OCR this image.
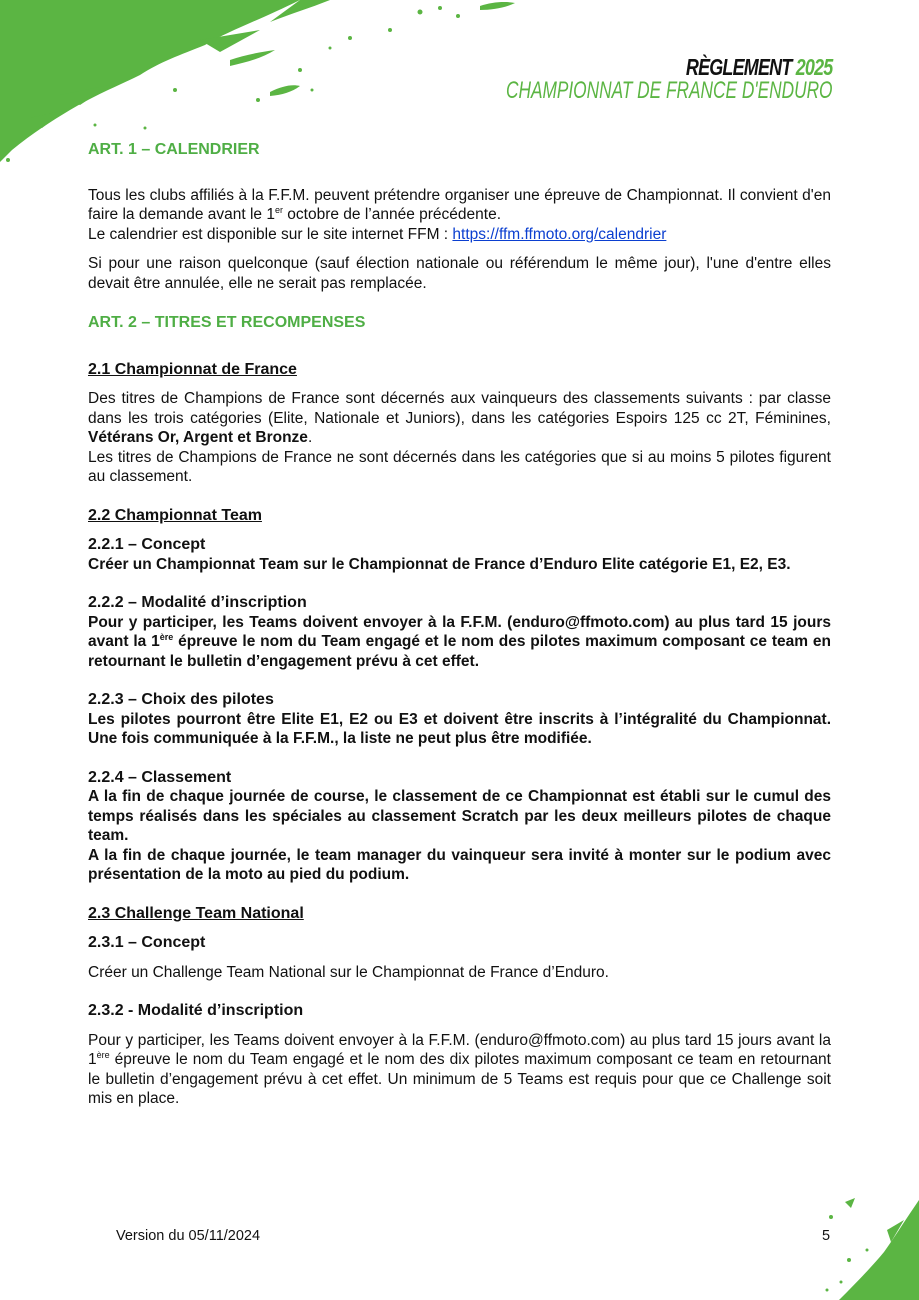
RÈGLEMENT 2025
CHAMPIONNAT DE FRANCE D'ENDURO

ART. 1 – CALENDRIER

Tous les clubs affiliés à la F.F.M. peuvent prétendre organiser une épreuve de Championnat. Il convient d'en faire la demande avant le 1er octobre de l’année précédente.

Le calendrier est disponible sur le site internet FFM : https://ffm.ffmoto.org/calendrier

Si pour une raison quelconque (sauf élection nationale ou référendum le même jour), l'une d'entre elles devait être annulée, elle ne serait pas remplacée.

ART. 2 – TITRES ET RECOMPENSES

2.1 Championnat de France

Des titres de Champions de France sont décernés aux vainqueurs des classements suivants : par classe dans les trois catégories (Elite, Nationale et Juniors), dans les catégories Espoirs 125 cc 2T, Féminines, Vétérans Or, Argent et Bronze.

Les titres de Champions de France ne sont décernés dans les catégories que si au moins 5 pilotes figurent au classement.

2.2 Championnat Team

2.2.1 – Concept

Créer un Championnat Team sur le Championnat de France d’Enduro Elite catégorie E1, E2, E3.

2.2.2 – Modalité d’inscription

Pour y participer, les Teams doivent envoyer à la F.F.M. (enduro@ffmoto.com) au plus tard 15 jours avant la 1ère épreuve le nom du Team engagé et le nom des pilotes maximum composant ce team en retournant le bulletin d’engagement prévu à cet effet.

2.2.3 – Choix des pilotes

Les pilotes pourront être Elite E1, E2 ou E3 et doivent être inscrits à l’intégralité du Championnat. Une fois communiquée à la F.F.M., la liste ne peut plus être modifiée.

2.2.4 – Classement

A la fin de chaque journée de course, le classement de ce Championnat est établi sur le cumul des temps réalisés dans les spéciales au classement Scratch par les deux meilleurs pilotes de chaque team.

A la fin de chaque journée, le team manager du vainqueur sera invité à monter sur le podium avec présentation de la moto au pied du podium.

2.3 Challenge Team National

2.3.1 – Concept

Créer un Challenge Team National sur le Championnat de France d’Enduro.

2.3.2 - Modalité d’inscription

Pour y participer, les Teams doivent envoyer à la F.F.M. (enduro@ffmoto.com) au plus tard 15 jours avant la 1ère épreuve le nom du Team engagé et le nom des dix pilotes maximum composant ce team en retournant le bulletin d’engagement prévu à cet effet. Un minimum de 5 Teams est requis pour que ce Challenge soit mis en place.

Version du 05/11/2024	5
